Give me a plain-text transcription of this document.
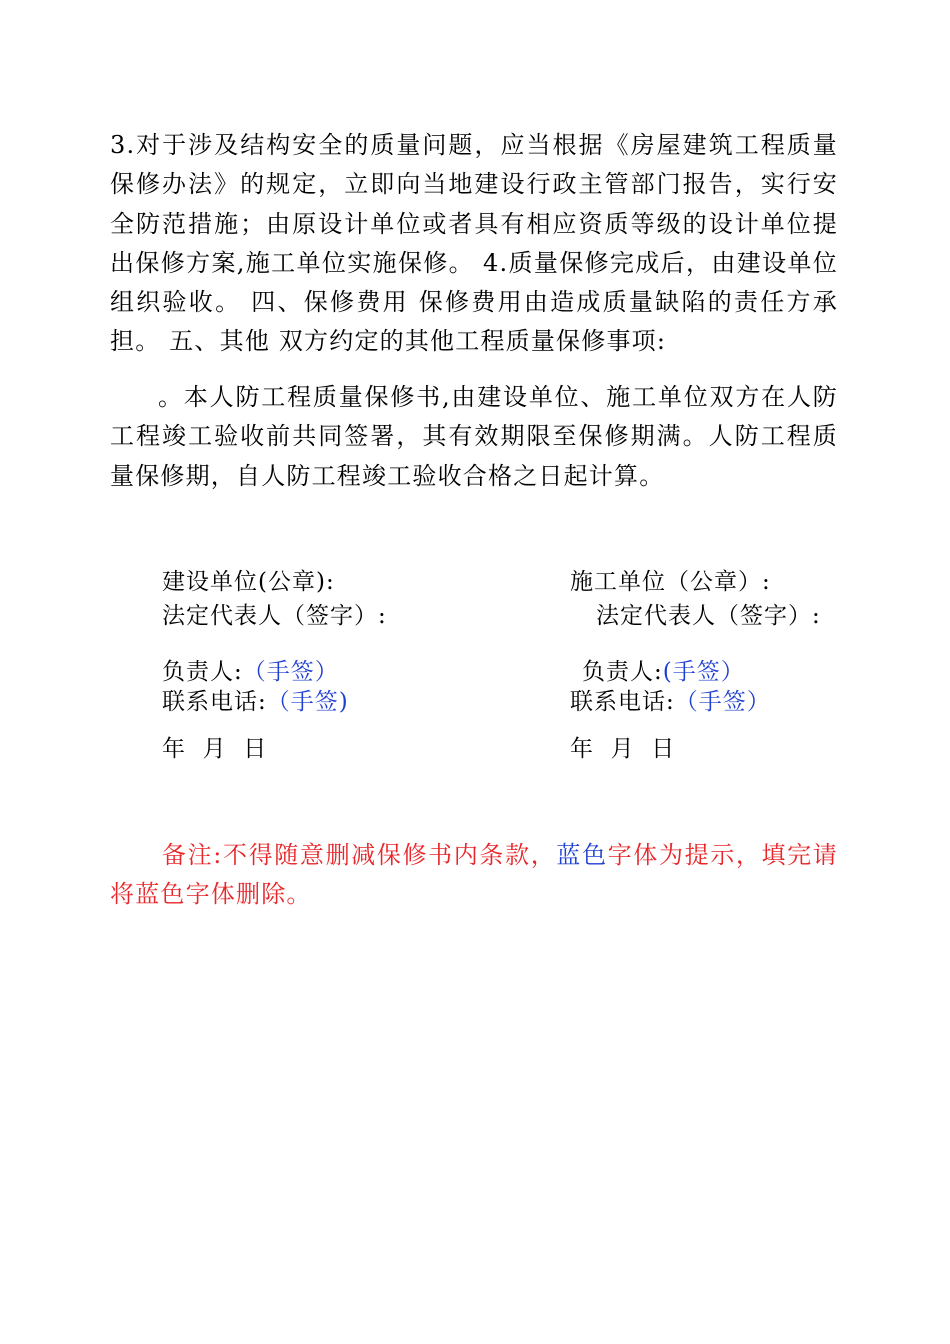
3.对于涉及结构安全的质量问题，应当根据《房屋建筑工程质量保修办法》的规定，立即向当地建设行政主管部门报告，实行安全防范措施；由原设计单位或者具有相应资质等级的设计单位提出保修方案,施工单位实施保修。 4.质量保修完成后，由建设单位组织验收。 四、保修费用 保修费用由造成质量缺陷的责任方承担。 五、其他 双方约定的其他工程质量保修事项:

。本人防工程质量保修书,由建设单位、施工单位双方在人防工程竣工验收前共同签署，其有效期限至保修期满。人防工程质量保修期，自人防工程竣工验收合格之日起计算。

建设单位(公章):
法定代表人（签字）:
负责人:（手签）
联系电话:（手签)
年  月  日
施工单位（公章）:
法定代表人（签字）:
负责人:(手签）
联系电话:（手签）
年  月  日

备注:不得随意删减保修书内条款，蓝色字体为提示，填完请将蓝色字体删除。
